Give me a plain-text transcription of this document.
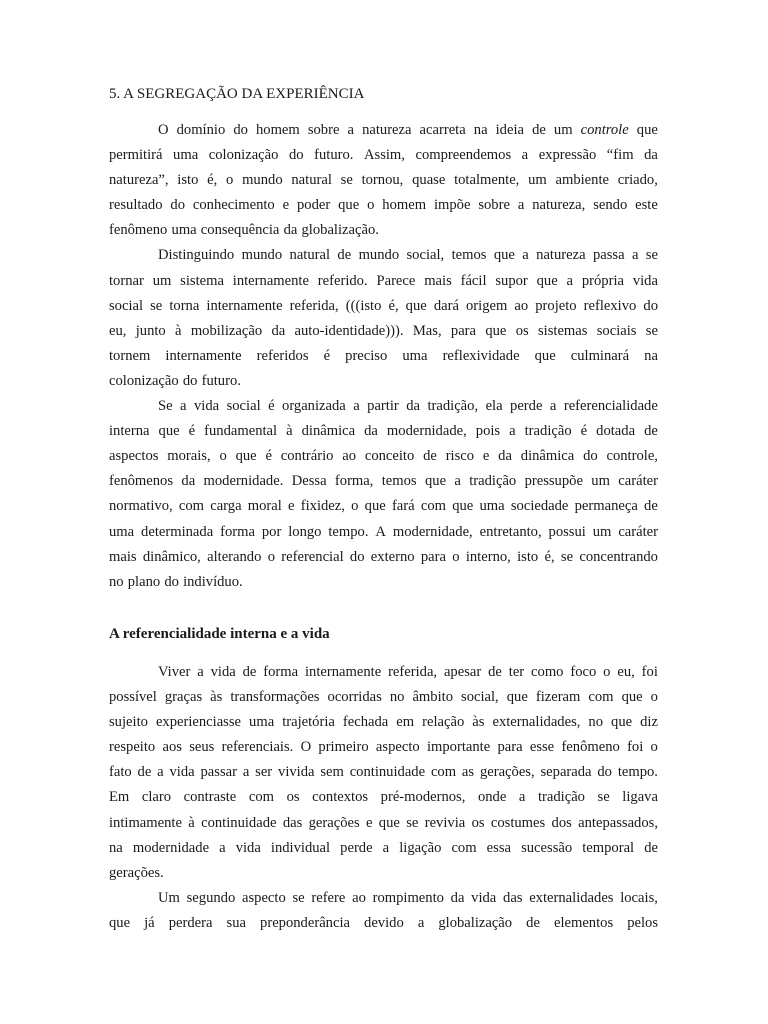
5. A SEGREGAÇÃO DA EXPERIÊNCIA
O domínio do homem sobre a natureza acarreta na ideia de um controle que
permitirá uma colonização do futuro. Assim, compreendemos a expressão “fim da
natureza”, isto é, o mundo natural se tornou, quase totalmente, um ambiente criado,
resultado do conhecimento e poder que o homem impõe sobre a natureza, sendo este
fenômeno uma consequência da globalização.
Distinguindo mundo natural de mundo social, temos que a natureza passa a se
tornar um sistema internamente referido. Parece mais fácil supor que a própria vida
social se torna internamente referida, (((isto é, que dará origem ao projeto reflexivo do
eu, junto à mobilização da auto-identidade))). Mas, para que os sistemas sociais se
tornem internamente referidos é preciso uma reflexividade que culminará na
colonização do futuro.
Se a vida social é organizada a partir da tradição, ela perde a referencialidade
interna que é fundamental à dinâmica da modernidade, pois a tradição é dotada de
aspectos morais, o que é contrário ao conceito de risco e da dinâmica do controle,
fenômenos da modernidade. Dessa forma, temos que a tradição pressupõe um caráter
normativo, com carga moral e fixidez, o que fará com que uma sociedade permaneça de
uma determinada forma por longo tempo. A modernidade, entretanto, possui um caráter
mais dinâmico, alterando o referencial do externo para o interno, isto é, se concentrando
no plano do indivíduo.
A referencialidade interna e a vida
Viver a vida de forma internamente referida, apesar de ter como foco o eu, foi
possível graças às transformações ocorridas no âmbito social, que fizeram com que o
sujeito experienciasse uma trajetória fechada em relação às externalidades, no que diz
respeito aos seus referenciais. O primeiro aspecto importante para esse fenômeno foi o
fato de a vida passar a ser vivida sem continuidade com as gerações, separada do tempo.
Em claro contraste com os contextos pré-modernos, onde a tradição se ligava
intimamente à continuidade das gerações e que se revivia os costumes dos antepassados,
na modernidade a vida individual perde a ligação com essa sucessão temporal de
gerações.
Um segundo aspecto se refere ao rompimento da vida das externalidades locais,
que já perdera sua preponderância devido a globalização de elementos pelos
